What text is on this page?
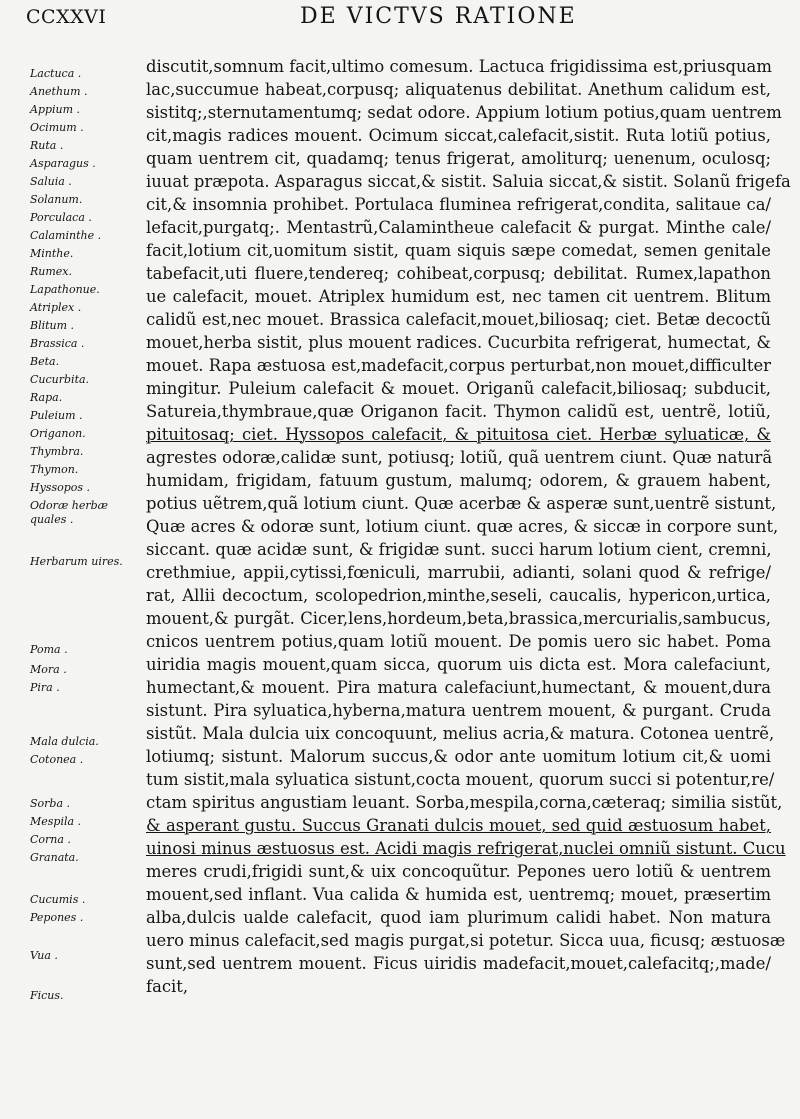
CCXXVI	DE VICTVS RATIONE
Lactuca .
Anethum .
Appium .
Ocimum .
Ruta .
Asparagus .
Saluia .
Solanum.
Porculaca .
Calaminthe .
Minthe.
Rumex.
Lapathonue.
Atriplex .
Blitum .
Brassica .
Beta.
Cucurbita.
Rapa.
Puleium .
Origanon.
Thymbra.
Thymon.
Hyssopos .
Odoræ herbæ
quales .
Herbarum uires.
Poma .
Mora .
Pira .
Mala dulcia.
Cotonea .
Sorba .
Mespila .
Corna .
Granata.
Cucumis .
Pepones .
Vua .
Ficus.
discutit,somnum facit,ultimo comesum. Lactuca frigidissima est,priusquam
lac,succumue habeat,corpusq; aliquatenus debilitat. Anethum calidum est,
sistitq;,sternutamentumq; sedat odore. Appium lotium potius,quam uentrem
cit,magis radices mouent. Ocimum siccat,calefacit,sistit. Ruta lotiũ potius,
quam uentrem cit, quadamq; tenus frigerat, amoliturq; uenenum, oculosq;
iuuat præpota. Asparagus siccat,& sistit. Saluia siccat,& sistit. Solanũ frigefa
cit,& insomnia prohibet. Portulaca fluminea refrigerat,condita, salitaue ca/
lefacit,purgatq;. Mentastrũ,Calamintheue calefacit & purgat. Minthe cale/
facit,lotium cit,uomitum sistit, quam siquis sæpe comedat, semen genitale
tabefacit,uti fluere,tendereq; cohibeat,corpusq; debilitat. Rumex,lapathon
ue calefacit, mouet. Atriplex humidum est, nec tamen cit uentrem. Blitum
calidũ est,nec mouet. Brassica calefacit,mouet,biliosaq; ciet. Betæ decoctũ
mouet,herba sistit, plus mouent radices. Cucurbita refrigerat, humectat, &
mouet. Rapa æstuosa est,madefacit,corpus perturbat,non mouet,difficulter
mingitur. Puleium calefacit & mouet. Origanũ calefacit,biliosaq; subducit,
Satureia,thymbraue,quæ Origanon facit. Thymon calidũ est, uentrẽ, lotiũ,
pituitosaq; ciet. Hyssopos calefacit, & pituitosa ciet. Herbæ syluaticæ, &
agrestes odoræ,calidæ sunt, potiusq; lotiũ, quã uentrem ciunt. Quæ naturã
humidam, frigidam, fatuum gustum, malumq; odorem, & grauem habent,
potius uẽtrem,quã lotium ciunt. Quæ acerbæ & asperæ sunt,uentrẽ sistunt,
Quæ acres & odoræ sunt, lotium ciunt. quæ acres, & siccæ in corpore sunt,
siccant. quæ acidæ sunt, & frigidæ sunt. succi harum lotium cient, cremni,
crethmiue, appii,cytissi,fœniculi, marrubii, adianti, solani quod & refrige/
rat, Allii decoctum, scolopedrion,minthe,seseli, caucalis, hypericon,urtica,
mouent,& purgãt. Cicer,lens,hordeum,beta,brassica,mercurialis,sambucus,
cnicos uentrem potius,quam lotiũ mouent. De pomis uero sic habet. Poma
uiridia magis mouent,quam sicca, quorum uis dicta est. Mora calefaciunt,
humectant,& mouent. Pira matura calefaciunt,humectant, & mouent,dura
sistunt. Pira syluatica,hyberna,matura uentrem mouent, & purgant. Cruda
sistũt. Mala dulcia uix concoquunt, melius acria,& matura. Cotonea uentrẽ,
lotiumq; sistunt. Malorum succus,& odor ante uomitum lotium cit,& uomi
tum sistit,mala syluatica sistunt,cocta mouent, quorum succi si potentur,re/
ctam spiritus angustiam leuant. Sorba,mespila,corna,cæteraq; similia sistũt,
& asperant gustu. Succus Granati dulcis mouet, sed quid æstuosum habet,
uinosi minus æstuosus est. Acidi magis refrigerat,nuclei omniũ sistunt. Cucu
meres crudi,frigidi sunt,& uix concoquũtur. Pepones uero lotiũ & uentrem
mouent,sed inflant. Vua calida & humida est, uentremq; mouet, præsertim
alba,dulcis ualde calefacit, quod iam plurimum calidi habet. Non matura
uero minus calefacit,sed magis purgat,si potetur. Sicca uua, ficusq; æstuosæ
sunt,sed uentrem mouent. Ficus uiridis madefacit,mouet,calefacitq;,made/
facit,
